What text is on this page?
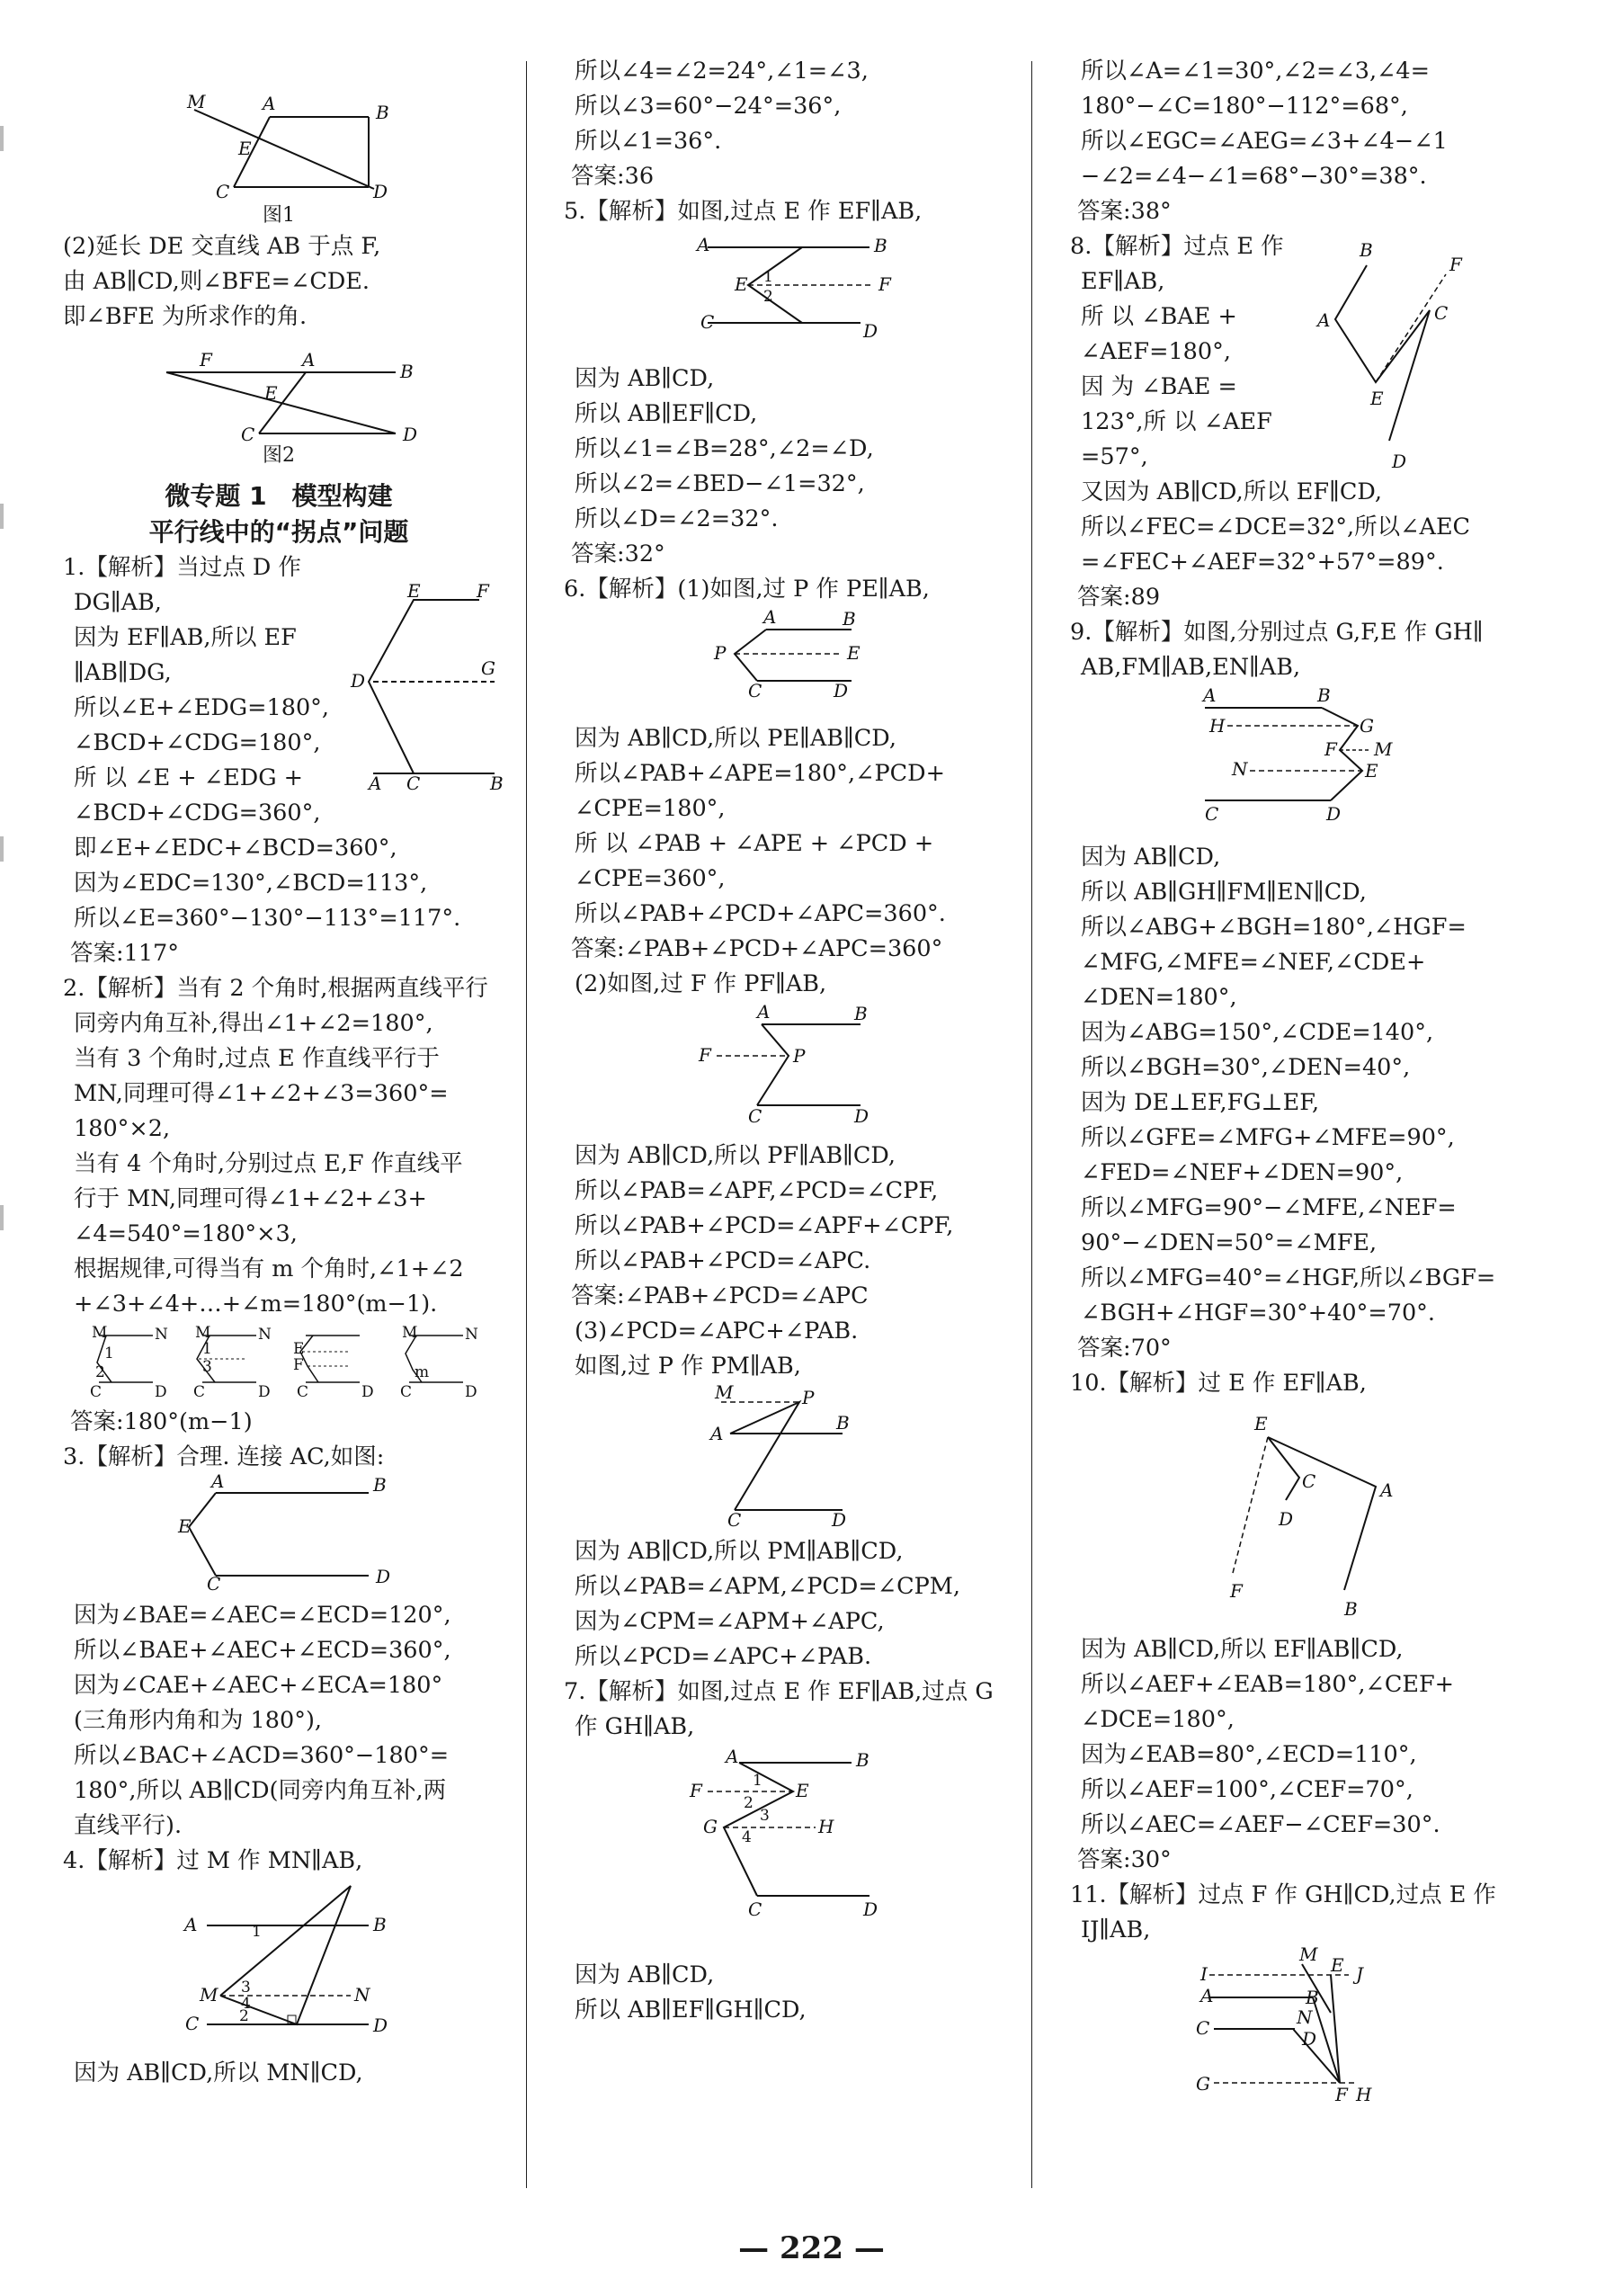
M	A	B
E
C	D
图1
(2)延长 DE 交直线 AB 于点 F,
由 AB∥CD,则∠BFE=∠CDE.
即∠BFE 为所求作的角.
F	A
B
E
C	D
图2
微专题 1　模型构建
平行线中的“拐点”问题
E	F
D
G
A C	B
1.【解析】当过点 D 作
DG∥AB,
因为 EF∥AB,所以 EF
∥AB∥DG,
所以∠E+∠EDG=180°,
∠BCD+∠CDG=180°,
所 以 ∠E + ∠EDG +
∠BCD+∠CDG=360°,
即∠E+∠EDC+∠BCD=360°,
因为∠EDC=130°,∠BCD=113°,
所以∠E=360°−130°−113°=117°.
答案:117°
2.【解析】当有 2 个角时,根据两直线平行
同旁内角互补,得出∠1+∠2=180°,
当有 3 个角时,过点 E 作直线平行于
MN,同理可得∠1+∠2+∠3=360°=
180°×2,
当有 4 个角时,分别过点 E,F 作直线平
行于 MN,同理可得∠1+∠2+∠3+
∠4=540°=180°×3,
根据规律,可得当有 m 个角时,∠1+∠2
+∠3+∠4+…+∠m=180°(m−1).
M	N
1
2
C	D
M	N
1
3
C	D
E
F
C	D
M	N
m
C	D
答案:180°(m−1)
3.【解析】合理. 连接 AC,如图:
A	B
E
C	D
因为∠BAE=∠AEC=∠ECD=120°,
所以∠BAE+∠AEC+∠ECD=360°,
因为∠CAE+∠AEC+∠ECA=180°
(三角形内角和为 180°),
所以∠BAC+∠ACD=360°−180°=
180°,所以 AB∥CD(同旁内角互补,两
直线平行).
4.【解析】过 M 作 MN∥AB,
A	B
M	N
C	D
1
3
4
2
因为 AB∥CD,所以 MN∥CD,
所以∠4=∠2=24°,∠1=∠3,
所以∠3=60°−24°=36°,
所以∠1=36°.
答案:36
5.【解析】如图,过点 E 作 EF∥AB,
A	B
E	F
C	D
1
2
因为 AB∥CD,
所以 AB∥EF∥CD,
所以∠1=∠B=28°,∠2=∠D,
所以∠2=∠BED−∠1=32°,
所以∠D=∠2=32°.
答案:32°
6.【解析】(1)如图,过 P 作 PE∥AB,
A	B
P	E
C	D
因为 AB∥CD,所以 PE∥AB∥CD,
所以∠PAB+∠APE=180°,∠PCD+
∠CPE=180°,
所 以 ∠PAB + ∠APE + ∠PCD +
∠CPE=360°,
所以∠PAB+∠PCD+∠APC=360°.
答案:∠PAB+∠PCD+∠APC=360°
(2)如图,过 F 作 PF∥AB,
A	B
F	P
C	D
因为 AB∥CD,所以 PF∥AB∥CD,
所以∠PAB=∠APF,∠PCD=∠CPF,
所以∠PAB+∠PCD=∠APF+∠CPF,
所以∠PAB+∠PCD=∠APC.
答案:∠PAB+∠PCD=∠APC
(3)∠PCD=∠APC+∠PAB.
如图,过 P 作 PM∥AB,
M	P
A	B
C	D
因为 AB∥CD,所以 PM∥AB∥CD,
所以∠PAB=∠APM,∠PCD=∠CPM,
因为∠CPM=∠APM+∠APC,
所以∠PCD=∠APC+∠PAB.
7.【解析】如图,过点 E 作 EF∥AB,过点 G
作 GH∥AB,
A	B
F	E
G	H
C	D
1
2
3
4
因为 AB∥CD,
所以 AB∥EF∥GH∥CD,
所以∠A=∠1=30°,∠2=∠3,∠4=
180°−∠C=180°−112°=68°,
所以∠EGC=∠AEG=∠3+∠4−∠1
−∠2=∠4−∠1=68°−30°=38°.
答案:38°
B
A
E
F
C
D
8.【解析】过点 E 作
EF∥AB,
所 以 ∠BAE +
∠AEF=180°,
因 为 ∠BAE =
123°,所 以 ∠AEF
=57°,
又因为 AB∥CD,所以 EF∥CD,
所以∠FEC=∠DCE=32°,所以∠AEC
=∠FEC+∠AEF=32°+57°=89°.
答案:89
9.【解析】如图,分别过点 G,F,E 作 GH∥
AB,FM∥AB,EN∥AB,
A	B
H	G
F M
N	E
C	D
因为 AB∥CD,
所以 AB∥GH∥FM∥EN∥CD,
所以∠ABG+∠BGH=180°,∠HGF=
∠MFG,∠MFE=∠NEF,∠CDE+
∠DEN=180°,
因为∠ABG=150°,∠CDE=140°,
所以∠BGH=30°,∠DEN=40°,
因为 DE⊥EF,FG⊥EF,
所以∠GFE=∠MFG+∠MFE=90°,
∠FED=∠NEF+∠DEN=90°,
所以∠MFG=90°−∠MFE,∠NEF=
90°−∠DEN=50°=∠MFE,
所以∠MFG=40°=∠HGF,所以∠BGF=
∠BGH+∠HGF=30°+40°=70°.
答案:70°
10.【解析】过 E 作 EF∥AB,
E
C
D
A
B
F
因为 AB∥CD,所以 EF∥AB∥CD,
所以∠AEF+∠EAB=180°,∠CEF+
∠DCE=180°,
因为∠EAB=80°,∠ECD=110°,
所以∠AEF=100°,∠CEF=70°,
所以∠AEC=∠AEF−∠CEF=30°.
答案:30°
11.【解析】过点 F 作 GH∥CD,过点 E 作
IJ∥AB,
I
A
M E J
B
N
C	D
G	F H
— 222 —
